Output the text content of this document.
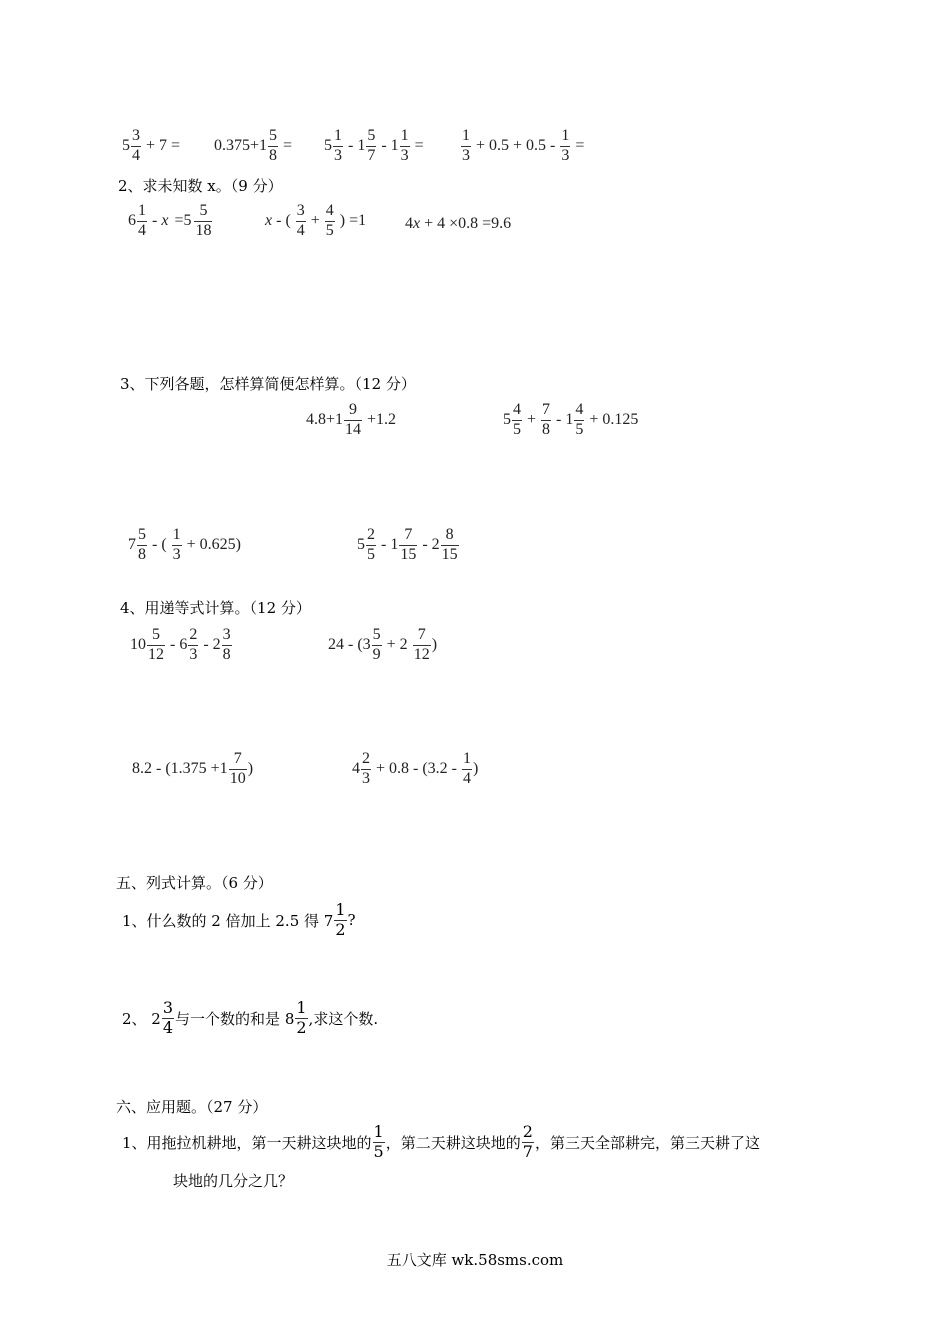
$5 \frac{3}{4} + 7 = 0.375+1 \frac{5}{8} = 5 \frac{1}{3} - 1 \frac{5}{7} - 1 \frac{1}{3} = \frac{1}{3} + 0.5 + 0.5 - \frac{1}{3}$ =
2、求未知数 x。（9 分）
$6 \frac{1}{4} - x =5 \frac{5}{18}$	x - ( $\frac{3}{4} + \frac{4}{5}$ ) =1 4 x + 4 ×0.8 =9.6
3、下列各题，怎样算简便怎样算。（12 分）
$4.8+1 \frac{9}{14} +1.2$	$5 \frac{4}{5} + \frac{7}{8} - 1 \frac{4}{5} + 0.125$
$7 \frac{5}{8}$ - ( $\frac{1}{3} + 0.625$)	$5 \frac{2}{5} - 1 \frac{7}{15} - 2 \frac{8}{15}$
4、用递等式计算。（12 分）
$10 \frac{5}{12} - 6 \frac{2}{3} - 2 \frac{3}{8}$	$24 - (3 \frac{5}{9} + 2 \frac{7}{12}$ )
$8.2 - (1.375 +1 \frac{7}{10}$ )	$4 \frac{2}{3} + 0.8 - (3.2 - \frac{1}{4}$ )
五、列式计算。（6 分）
1、什么数的 2 倍加上 2.5 得 $7 \frac{1}{2}$ ?
2、 $2 \frac{3}{4}$ 与一个数的和是 $8 \frac{1}{2}$ ,求这个数.
六、应用题。（27 分）
1、用拖拉机耕地，第一天耕这块地的 $\frac{1}{5}$ ，第二天耕这块地的 $\frac{2}{7}$ ，第三天全部耕完，第三天耕了这
块地的几分之几？
五八文库 wk.58sms.com
